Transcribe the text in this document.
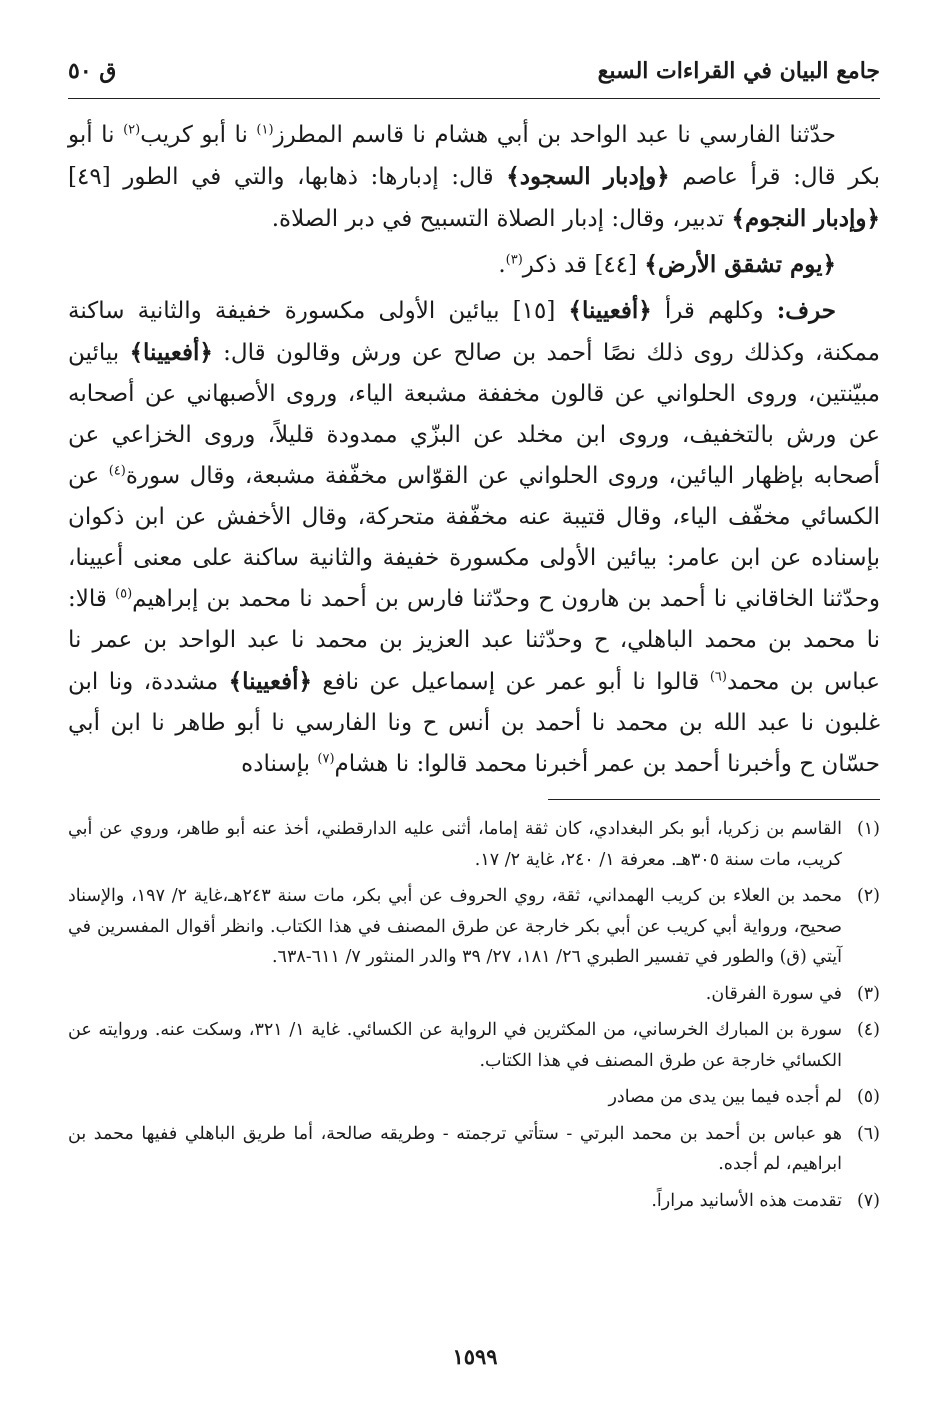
جامع البيان في القراءات السبع
ق ٥٠

حدّثنا الفارسي نا عبد الواحد بن أبي هشام نا قاسم المطرز$^{(١)}$ نا أبو كريب$^{(٢)}$ نا أبو بكر قال: قرأ عاصم ﴿وإدبار السجود﴾ قال: إدبارها: ذهابها، والتي في الطور [٤٩] ﴿وإدبار النجوم﴾ تدبير، وقال: إدبار الصلاة التسبيح في دبر الصلاة.

﴿يوم تشقق الأرض﴾ [٤٤] قد ذكر$^{(٣)}$.

حرف: وكلهم قرأ ﴿أفعيينا﴾ [١٥] بيائين الأولى مكسورة خفيفة والثانية ساكنة ممكنة، وكذلك روى ذلك نصًا أحمد بن صالح عن ورش وقالون قال: ﴿أفعيينا﴾ بيائين مبيّنتين، وروى الحلواني عن قالون مخففة مشبعة الياء، وروى الأصبهاني عن أصحابه عن ورش بالتخفيف، وروى ابن مخلد عن البزّي ممدودة قليلاً، وروى الخزاعي عن أصحابه بإظهار اليائين، وروى الحلواني عن القوّاس مخفّفة مشبعة، وقال سورة$^{(٤)}$ عن الكسائي مخفّف الياء، وقال قتيبة عنه مخفّفة متحركة، وقال الأخفش عن ابن ذكوان بإسناده عن ابن عامر: بيائين الأولى مكسورة خفيفة والثانية ساكنة على معنى أعيينا، وحدّثنا الخاقاني نا أحمد بن هارون ح وحدّثنا فارس بن أحمد نا محمد بن إبراهيم$^{(٥)}$ قالا: نا محمد بن محمد الباهلي، ح وحدّثنا عبد العزيز بن محمد نا عبد الواحد بن عمر نا عباس بن محمد$^{(٦)}$ قالوا نا أبو عمر عن إسماعيل عن نافع ﴿أفعيينا﴾ مشددة، ونا ابن غلبون نا عبد الله بن محمد نا أحمد بن أنس ح ونا الفارسي نا أبو طاهر نا ابن أبي حسّان ح وأخبرنا أحمد بن عمر أخبرنا محمد قالوا: نا هشام$^{(٧)}$ بإسناده

(١)
القاسم بن زكريا، أبو بكر البغدادي، كان ثقة إماما، أثنى عليه الدارقطني، أخذ عنه أبو طاهر، وروي عن أبي كريب، مات سنة ٣٠٥هـ. معرفة ١/ ٢٤٠، غاية ٢/ ١٧.
(٢)
محمد بن العلاء بن كريب الهمداني، ثقة، روي الحروف عن أبي بكر، مات سنة ٢٤٣هـ،غاية ٢/ ١٩٧، والإسناد صحيح، ورواية أبي كريب عن أبي بكر خارجة عن طرق المصنف في هذا الكتاب. وانظر أقوال المفسرين في آيتي (ق) والطور في تفسير الطبري ٢٦/ ١٨١، ٢٧/ ٣٩ والدر المنثور ٧/ ٦١١-٦٣٨.
(٣)
في سورة الفرقان.
(٤)
سورة بن المبارك الخرساني، من المكثرين في الرواية عن الكسائي. غاية ١/ ٣٢١، وسكت عنه. وروايته عن الكسائي خارجة عن طرق المصنف في هذا الكتاب.
(٥)
لم أجده فيما بين يدى من مصادر
(٦)
هو عباس بن أحمد بن محمد البرتي - ستأتي ترجمته - وطريقه صالحة، أما طريق الباهلي ففيها محمد بن ابراهيم، لم أجده.
(٧)
تقدمت هذه الأسانيد مراراً.
١٥٩٩
